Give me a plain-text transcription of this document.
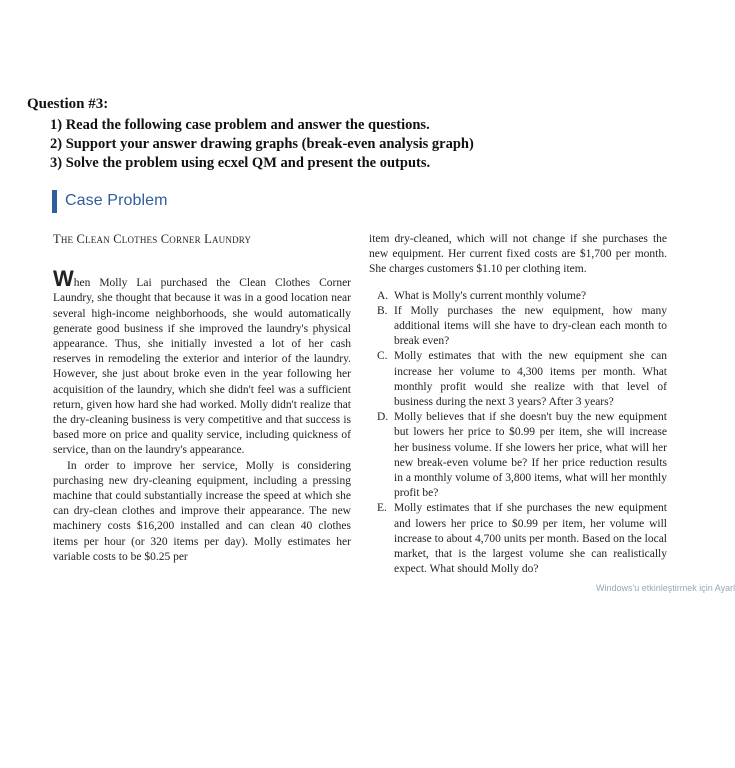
Question #3:
1) Read the following case problem and answer the questions.
2) Support your answer drawing graphs (break-even analysis graph)
3) Solve the problem using ecxel QM and present the outputs.
Case Problem
The Clean Clothes Corner Laundry

When Molly Lai purchased the Clean Clothes Corner Laundry, she thought that because it was in a good location near several high-income neighborhoods, she would automatically generate good business if she improved the laundry's physical appearance. Thus, she initially invested a lot of her cash reserves in remodeling the exterior and interior of the laundry. However, she just about broke even in the year following her acquisition of the laundry, which she didn't feel was a sufficient return, given how hard she had worked. Molly didn't realize that the dry-cleaning business is very competitive and that success is based more on price and quality service, including quickness of service, than on the laundry's appearance.

In order to improve her service, Molly is considering purchasing new dry-cleaning equipment, including a pressing machine that could substantially increase the speed at which she can dry-clean clothes and improve their appearance. The new machinery costs $16,200 installed and can clean 40 clothes items per hour (or 320 items per day). Molly estimates her variable costs to be $0.25 per

item dry-cleaned, which will not change if she purchases the new equipment. Her current fixed costs are $1,700 per month. She charges customers $1.10 per clothing item.

A. What is Molly's current monthly volume?
B. If Molly purchases the new equipment, how many additional items will she have to dry-clean each month to break even?
C. Molly estimates that with the new equipment she can increase her volume to 4,300 items per month. What monthly profit would she realize with that level of business during the next 3 years? After 3 years?
D. Molly believes that if she doesn't buy the new equipment but lowers her price to $0.99 per item, she will increase her business volume. If she lowers her price, what will her new break-even volume be? If her price reduction results in a monthly volume of 3,800 items, what will her monthly profit be?
E. Molly estimates that if she purchases the new equipment and lowers her price to $0.99 per item, her volume will increase to about 4,700 units per month. Based on the local market, that is the largest volume she can realistically expect. What should Molly do?
Windows'u etkinleştirmek için Ayarl
